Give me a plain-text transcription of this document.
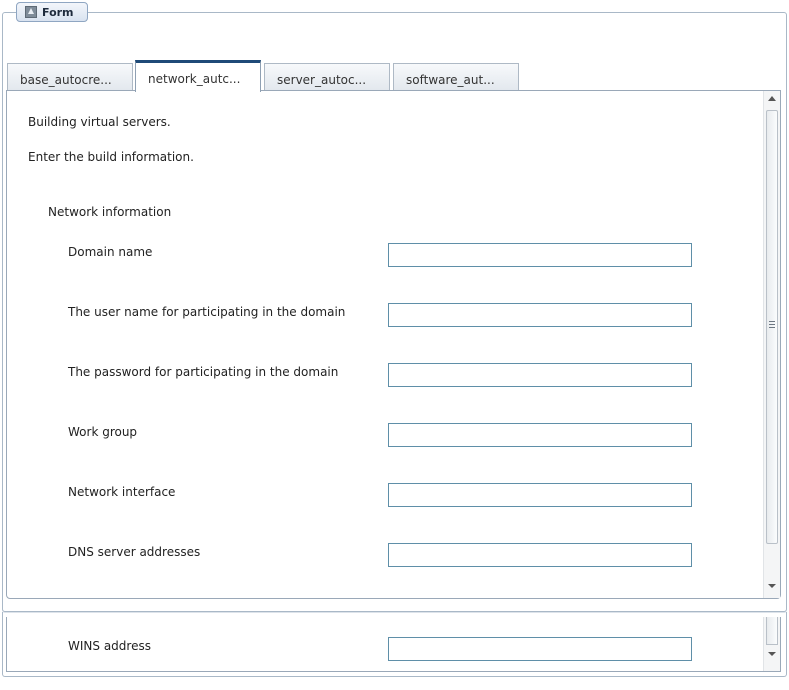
Form
base_autocre...	network_autc...	server_autoc...	software_aut...
Building virtual servers.
Enter the build information.
Network information
Domain name
The user name for participating in the domain
The password for participating in the domain
Work group
Network interface
DNS server addresses
WINS address
